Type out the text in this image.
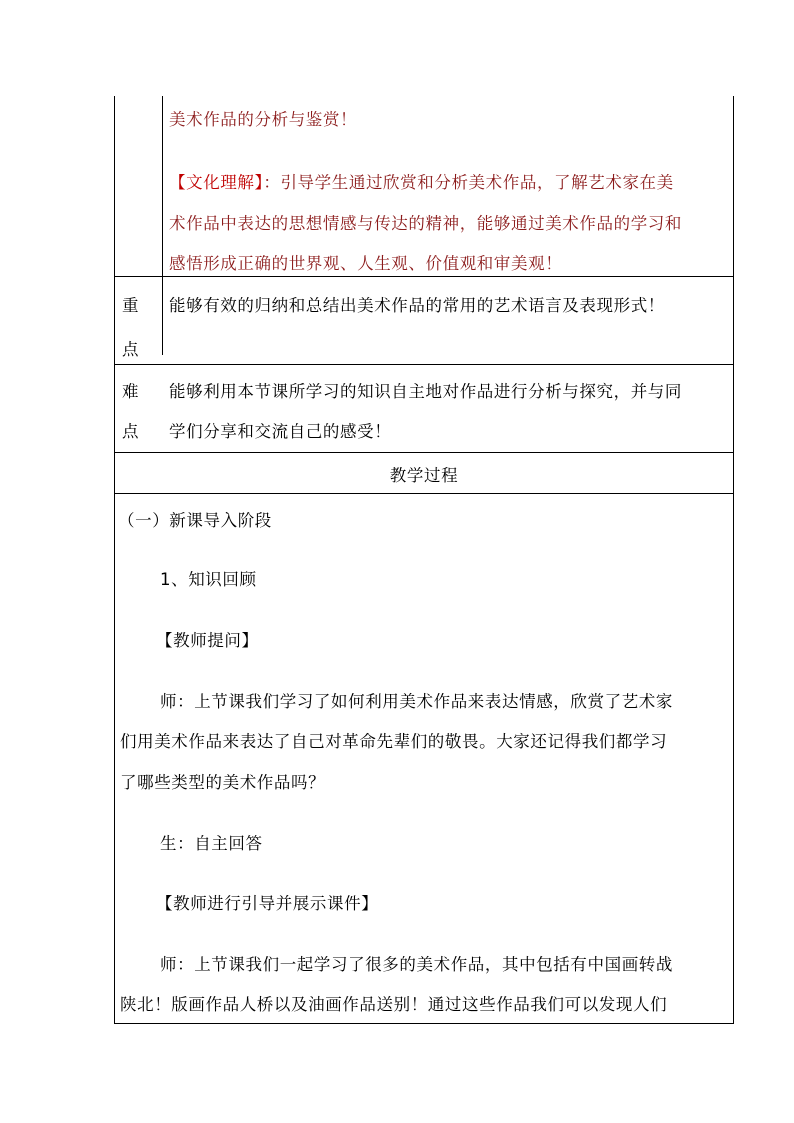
美术作品的分析与鉴赏！
【文化理解】：引导学生通过欣赏和分析美术作品，了解艺术家在美
术作品中表达的思想情感与传达的精神，能够通过美术作品的学习和
感悟形成正确的世界观、人生观、价值观和审美观！
重
点
能够有效的归纳和总结出美术作品的常用的艺术语言及表现形式！
难
点
能够利用本节课所学习的知识自主地对作品进行分析与探究，并与同
学们分享和交流自己的感受！
教学过程
（一）新课导入阶段
1、知识回顾
【教师提问】
师：上节课我们学习了如何利用美术作品来表达情感，欣赏了艺术家
们用美术作品来表达了自己对革命先辈们的敬畏。大家还记得我们都学习
了哪些类型的美术作品吗？
生：自主回答
【教师进行引导并展示课件】
师：上节课我们一起学习了很多的美术作品，其中包括有中国画转战
陕北！版画作品人桥以及油画作品送别！通过这些作品我们可以发现人们
